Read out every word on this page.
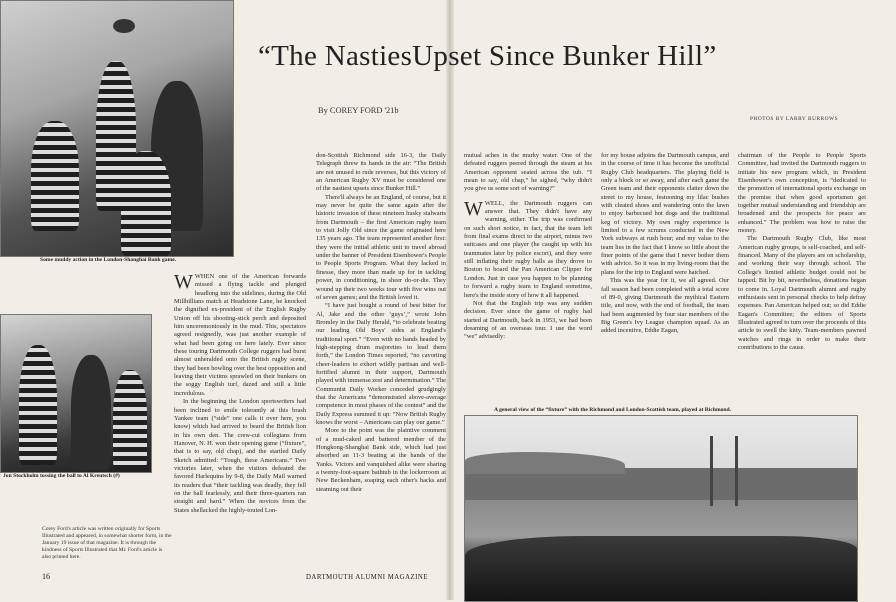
Some muddy action in the London-Shanghai Bank game.
Jon Stockholm tossing the ball to Al Kreutsch (#)
Corey Ford's article was written originally for Sports Illustrated and appeared, in somewhat shorter form, in the January 19 issue of that magazine. It is through the kindness of Sports Illustrated that Mr. Ford's article is also printed here.
16

WWHEN one of the American forwards missed a flying tackle and plunged headlong into the sidelines, during the Old Millhillians match at Headstone Lane, he knocked the dignified ex-president of the English Rugby Union off his shooting-stick perch and deposited him unceremoniously in the mud. This, spectators agreed resignedly, was just another example of what had been going on here lately. Ever since these touring Dartmouth College ruggers had burst almost unheralded onto the British rugby scene, they had been bowling over the best opposition and leaving their victims sprawled on their bunkers on the soggy English turf, dazed and still a little incredulous.

In the beginning the London sportswriters had been inclined to smile tolerantly at this brash Yankee team (“side” one calls it over here, you know) which had arrived to beard the British lion in his own den. The crew-cut collegians from Hanover, N. H. won their opening game (“fixture”, that is to say, old chap), and the startled Daily Sketch admitted: “Tough, these Americans.” Two victories later, when the visitors defeated the favored Harlequins by 9-8, the Daily Mail warned its readers that “their tackling was deadly, they fell on the ball fearlessly, and their three-quarters ran straight and hard.” When the novices from the States shellacked the highly-touted Lon-

don-Scottish Richmond side 16-3, the Daily Telegraph threw its hands in the air: “The British are not unused to rude reverses, but this victory of an American Rugby XV must be considered one of the nastiest upsets since Bunker Hill.”

There'll always be an England, of course, but it may never be quite the same again after the historic invasion of these nineteen husky stalwarts from Dartmouth – the first American rugby team to visit Jolly Old since the game originated here 135 years ago. The team represented another first: they were the initial athletic unit to travel abroad under the banner of President Eisenhower's People to People Sports Program. What they lacked in finesse, they more than made up for in tackling power, in conditioning, in sheer do-or-die. They wound up their two weeks tour with five wins out of seven games; and the British loved it.

“I have just bought a round of best bitter for Al, Jake and the other ‘guys’,” wrote John Bromley in the Daily Herald, “to celebrate beating our leading Old Boys' sides at England's traditional sport.” “Even with no bands headed by high-stepping drum majorettes to lead them forth,” the London Times reported, “no cavorting cheer-leaders to exhort wildly partisan and well-fortified alumni in their support, Dartmouth played with immense zest and determination.” The Communist Daily Worker conceded grudgingly that the Americans “demonstrated above-average competence in most phases of the contest” and the Daily Express summed it up: “Now British Rugby knows the worst – Americans can play our game.”

More to the point was the plaintive comment of a mud-caked and battered member of the Hongkong-Shanghai Bank side, which had just absorbed an 11-3 beating at the hands of the Yanks. Victors and vanquished alike were sharing a twenty-foot-square bathtub in the lockerroom at New Beckenham, soaping each other's backs and steaming out their

“The NastiesUpset Since Bunker Hill”
By COREY FORD '21b
PHOTOS BY LARRY BURROWS

mutual aches in the murky water. One of the defeated ruggers peered through the steam at his American opponent seated across the tub. “I mean to say, old chap,” he sighed, “why didn't you give us some sort of warning?”

WWELL, the Dartmouth ruggers can answer that. They didn't have any warning, either. The trip was confirmed on such short notice, in fact, that the team left from final exams direct to the airport, minus two suitcases and one player (he caught up with his teammates later by police escort), and they were still inflating their rugby balls as they drove to Boston to board the Pan American Clipper for London. Just in case you happen to be planning to forward a rugby team to England sometime, here's the inside story of how it all happened.

Not that the English trip was any sudden decision. Ever since the game of rugby had started at Dartmouth, back in 1953, we had been dreaming of an overseas tour. I use the word “we” advisedly:

for my house adjoins the Dartmouth campus, and in the course of time it has become the unofficial Rugby Club headquarters. The playing field is only a block or so away, and after each game the Green team and their opponents clatter down the street to my house, festooning my lilac bushes with cleated shoes and wandering onto the lawn to enjoy barbecued hot dogs and the traditional keg of victory. My own rugby experience is limited to a few scrums conducted in the New York subways at rush hour; and my value to the team lies in the fact that I know so little about the finer points of the game that I never bother them with advice. So it was in my living-room that the plans for the trip to England were hatched.

This was the year for it, we all agreed. Our fall season had been completed with a total score of 89-0, giving Dartmouth the mythical Eastern title, and now, with the end of football, the team had been augmented by four star members of the Big Green's Ivy League champion squad. As an added incentive, Eddie Eagan,

chairman of the People to People Sports Committee, had invited the Dartmouth ruggers to initiate his new program which, in President Eisenhower's own conception, is “dedicated to the promotion of international sports exchange on the premise that when good sportsmen get together mutual understanding and friendship are broadened and the prospects for peace are enhanced.” The problem was how to raise the money.

The Dartmouth Rugby Club, like most American rugby groups, is self-coached, and self-financed. Many of the players are on scholarship, and working their way through school. The College's limited athletic budget could not be tapped. Bit by bit, nevertheless, donations began to come in. Loyal Dartmouth alumni and rugby enthusiasts sent in personal checks to help defray expenses. Pan American helped out; so did Eddie Eagan's Committee; the editors of Sports Illustrated agreed to turn over the proceeds of this article to swell the kitty. Team-members pawned watches and rings in order to make their contributions to the cause.

A general view of the “fixture” with the Richmond and London-Scottish team, played at Richmond.
DARTMOUTH ALUMNI MAGAZINE
